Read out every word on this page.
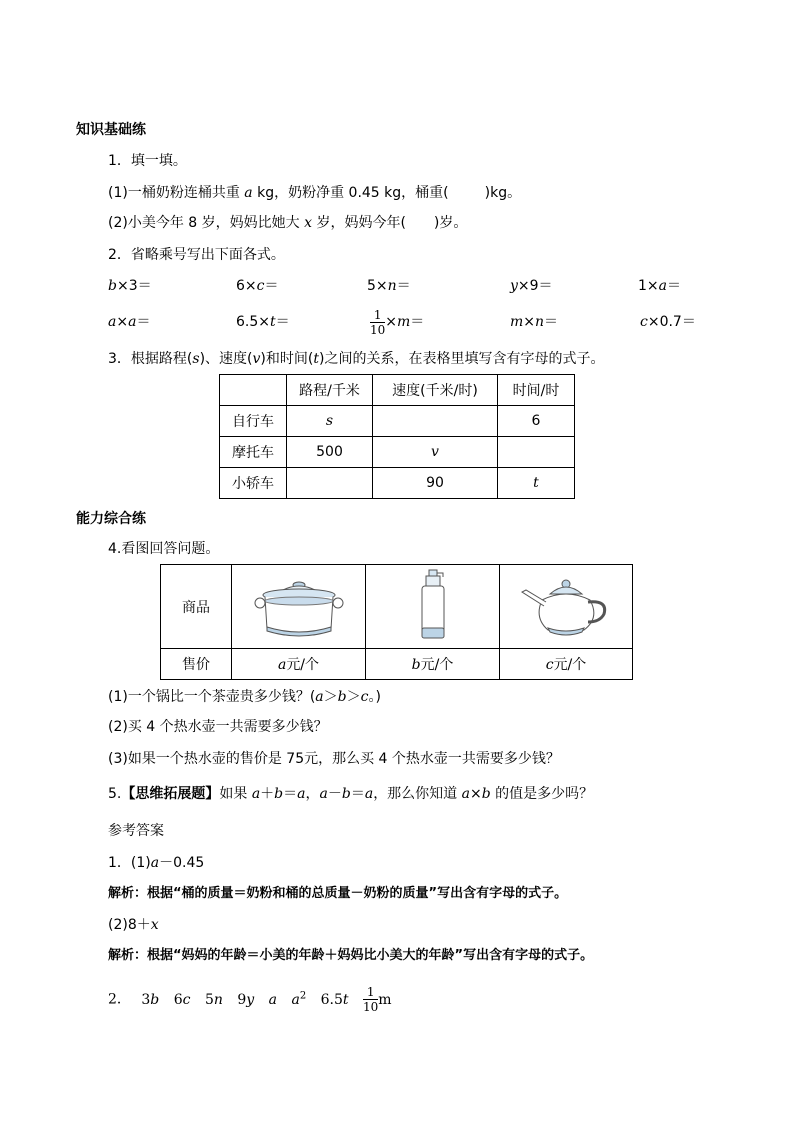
知识基础练
1．填一填。
(1)一桶奶粉连桶共重 a kg，奶粉净重 0.45 kg，桶重(	)kg。
(2)小美今年 8 岁，妈妈比她大 x 岁，妈妈今年( )岁。
2．省略乘号写出下面各式。
b×3＝	6×c＝	5×n＝	y×9＝	1×a＝
a×a＝	6.5×t＝	$\frac{1}{10} \times m=$	m×n＝	c×0.7＝
3．根据路程(s)、速度(v)和时间(t)之间的关系，在表格里填写含有字母的式子。
	路程/千米	速度(千米/时)	时间/时
自行车	s		6
摩托车	500	v	
小轿车		90	t
能力综合练
4.看图回答问题。
商品			
售价	a元/个	b元/个	c元/个
(1)一个锅比一个茶壶贵多少钱？(a＞b＞c。)
(2)买 4 个热水壶一共需要多少钱？
(3)如果一个热水壶的售价是 75元，那么买 4 个热水壶一共需要多少钱？
5.【思维拓展题】如果 a＋b＝a，a－b＝a，那么你知道 a×b 的值是多少吗？
参考答案
1．(1)a－0.45
解析：根据“桶的质量＝奶粉和桶的总质量－奶粉的质量”写出含有字母的式子。
(2)8＋x
解析：根据“妈妈的年龄＝小美的年龄＋妈妈比小美大的年龄”写出含有字母的式子。
2． 3b 6c 5n 9y a $a^2$ $6.5t \frac{1}{10}$ m
